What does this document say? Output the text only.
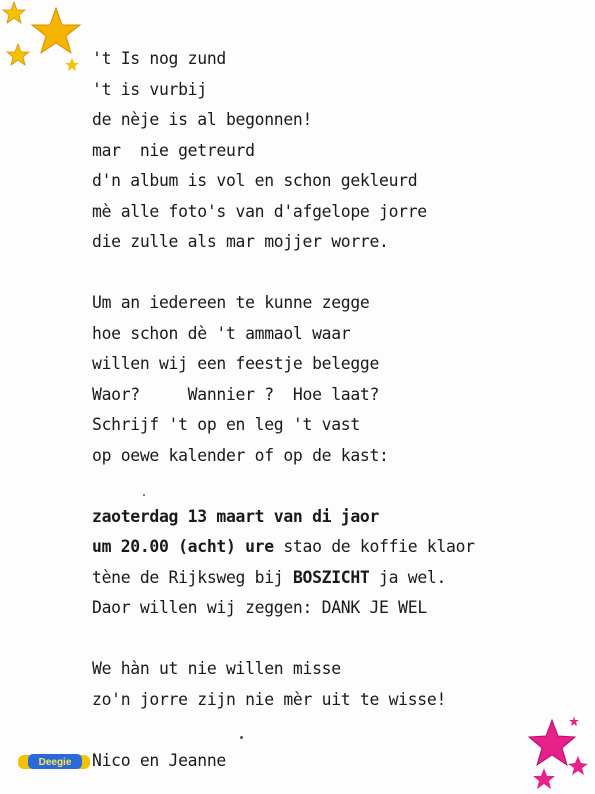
Deegie
't Is nog zund
't is vurbij
de nèje is al begonnen!
mar  nie getreurd
d'n album is vol en schon gekleurd
mè alle foto's van d'afgelope jorre
die zulle als mar mojjer worre.
Um an iedereen te kunne zegge
hoe schon dè 't ammaol waar
willen wij een feestje belegge
Waor?     Wannier ?  Hoe laat?
Schrijf 't op en leg 't vast
op oewe kalender of op de kast:
zaoterdag 13 maart van di jaor
um 20.00 (acht) ure stao de koffie klaor
tène de Rijksweg bij BOSZICHT ja wel.
Daor willen wij zeggen: DANK JE WEL
We hàn ut nie willen misse
zo'n jorre zijn nie mèr uit te wisse!
Nico en Jeanne
